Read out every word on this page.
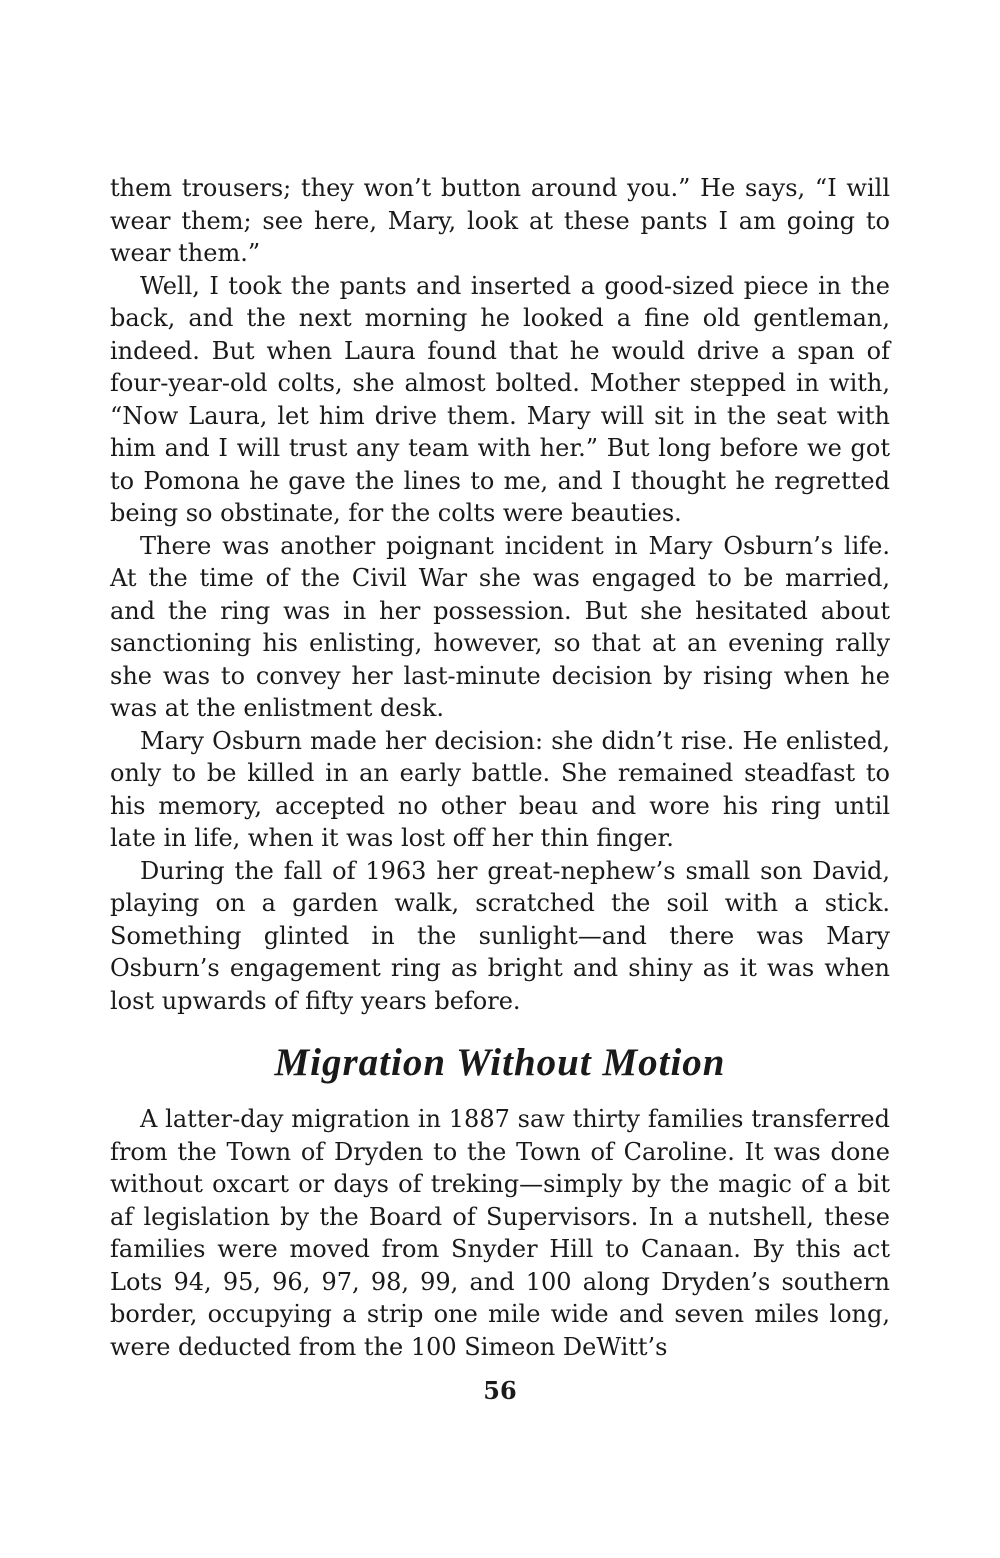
them trousers; they won’t button around you.” He says, “I will wear them; see here, Mary, look at these pants I am going to wear them.”

Well, I took the pants and inserted a good-sized piece in the back, and the next morning he looked a fine old gentleman, indeed. But when Laura found that he would drive a span of four-year-old colts, she almost bolted. Mother stepped in with, “Now Laura, let him drive them. Mary will sit in the seat with him and I will trust any team with her.” But long before we got to Pomona he gave the lines to me, and I thought he regretted being so obstinate, for the colts were beauties.

There was another poignant incident in Mary Osburn’s life. At the time of the Civil War she was engaged to be married, and the ring was in her possession. But she hesitated about sanctioning his enlisting, however, so that at an evening rally she was to convey her last-minute decision by rising when he was at the enlistment desk.

Mary Osburn made her decision: she didn’t rise. He enlisted, only to be killed in an early battle. She remained steadfast to his memory, accepted no other beau and wore his ring until late in life, when it was lost off her thin finger.

During the fall of 1963 her great-nephew’s small son David, playing on a garden walk, scratched the soil with a stick. Something glinted in the sunlight—and there was Mary Osburn’s engagement ring as bright and shiny as it was when lost upwards of fifty years before.

Migration Without Motion

A latter-day migration in 1887 saw thirty families transferred from the Town of Dryden to the Town of Caroline. It was done without oxcart or days of treking—simply by the magic of a bit af legislation by the Board of Supervisors. In a nutshell, these families were moved from Snyder Hill to Canaan. By this act Lots 94, 95, 96, 97, 98, 99, and 100 along Dryden’s southern border, occupying a strip one mile wide and seven miles long, were deducted from the 100 Simeon DeWitt’s

56
